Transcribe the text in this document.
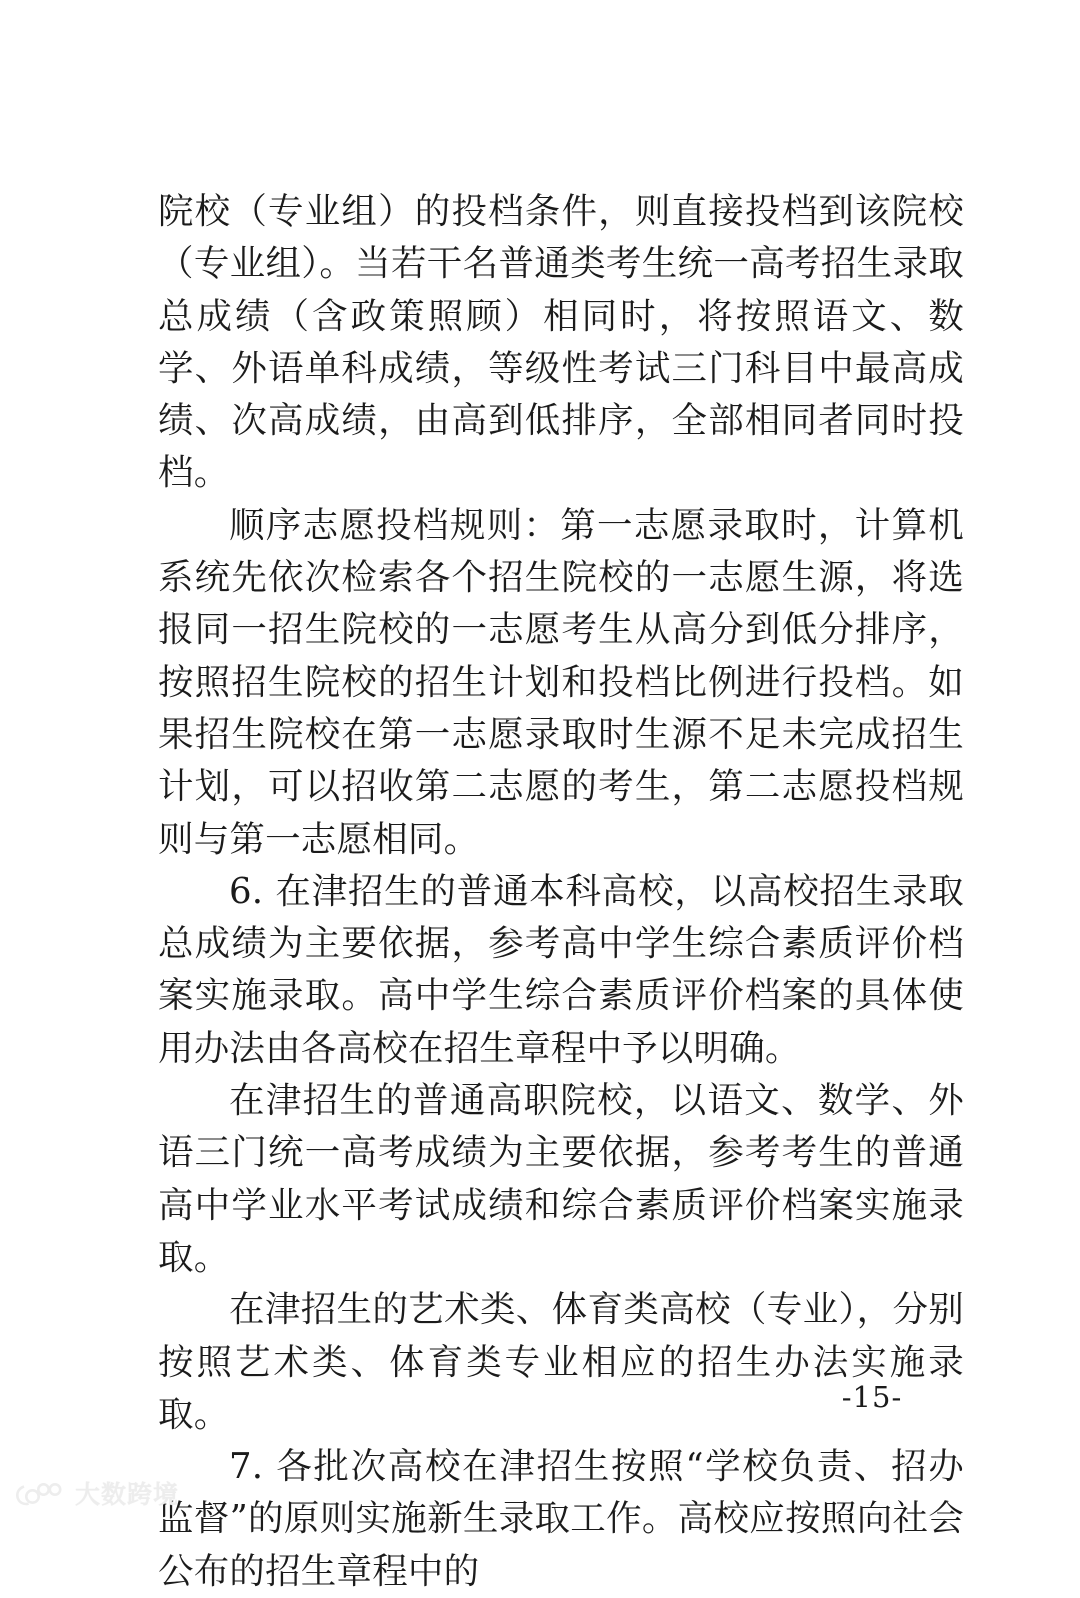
院校（专业组）的投档条件，则直接投档到该院校（专业组）。当若干名普通类考生统一高考招生录取总成绩（含政策照顾）相同时，将按照语文、数学、外语单科成绩，等级性考试三门科目中最高成绩、次高成绩，由高到低排序，全部相同者同时投档。

顺序志愿投档规则：第一志愿录取时，计算机系统先依次检索各个招生院校的一志愿生源，将选报同一招生院校的一志愿考生从高分到低分排序，按照招生院校的招生计划和投档比例进行投档。如果招生院校在第一志愿录取时生源不足未完成招生计划，可以招收第二志愿的考生，第二志愿投档规则与第一志愿相同。

6. 在津招生的普通本科高校，以高校招生录取总成绩为主要依据，参考高中学生综合素质评价档案实施录取。高中学生综合素质评价档案的具体使用办法由各高校在招生章程中予以明确。

在津招生的普通高职院校，以语文、数学、外语三门统一高考成绩为主要依据，参考考生的普通高中学业水平考试成绩和综合素质评价档案实施录取。

在津招生的艺术类、体育类高校（专业），分别按照艺术类、体育类专业相应的招生办法实施录取。

7. 各批次高校在津招生按照“学校负责、招办监督”的原则实施新生录取工作。高校应按照向社会公布的招生章程中的

-15-
大数跨境
